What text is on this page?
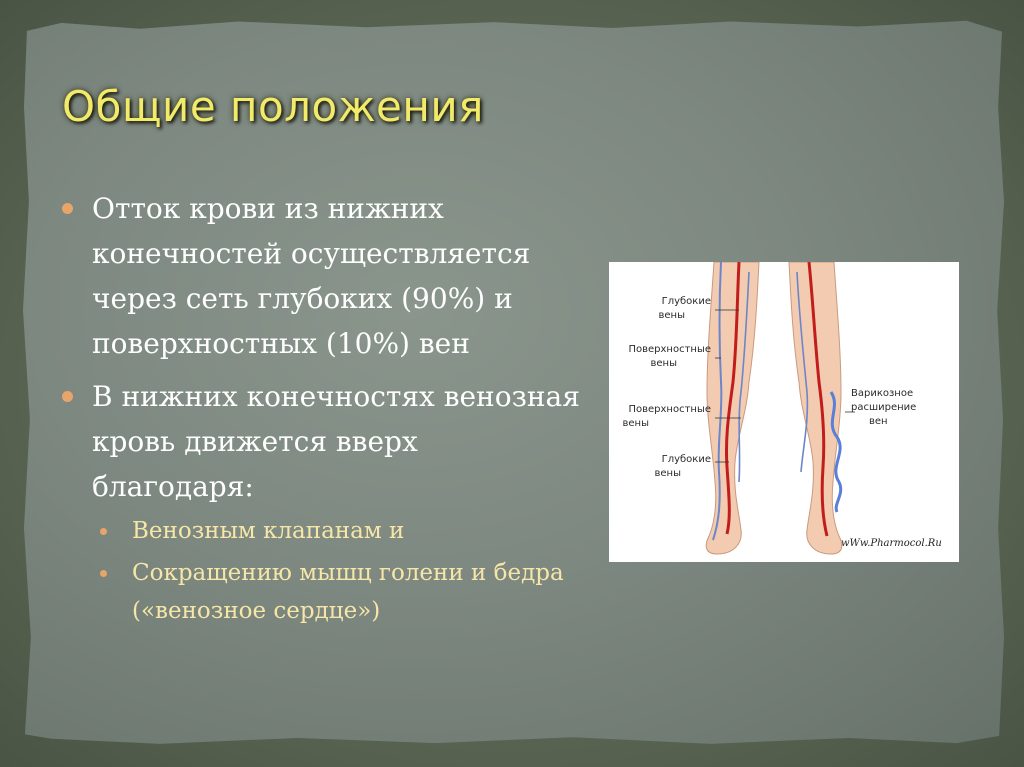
Общие положения
Отток крови из нижних конечностей осуществляется через сеть глубоких (90%) и поверхностных (10%) вен
В нижних конечностях венозная кровь движется вверх благодаря:
Венозным клапанам и
Сокращению мышц голени и бедра («венозное сердце»)
Глубокие
вены
Поверхностные
вены
Поверхностные
вены
Глубокие
вены
Варикозное
расширение
вен
wWw.Pharmocol.Ru
